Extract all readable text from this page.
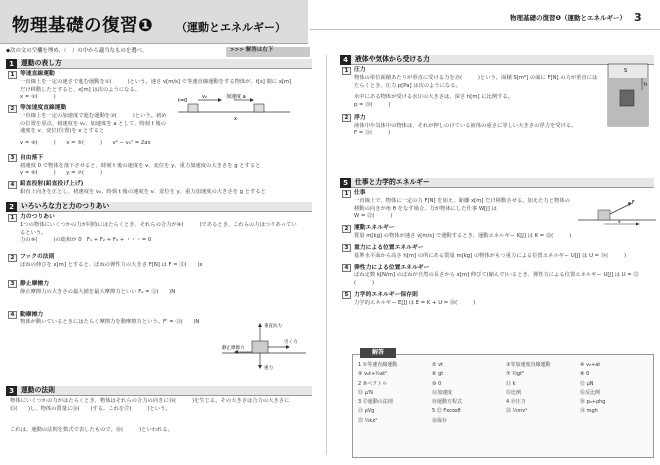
物理基礎の復習❶ （運動とエネルギー）
物理基礎の復習❶（運動とエネルギー） 3
◆次の文の空欄を埋め、（　）の中から適当なものを選べ。	>>> 解答は右下
1	運動の表し方
1 等速直線運動
一直線上を一定の速さで進む運動を①(　　　)という。速さ v[m/s] で等速直線運動をする物体が、t[s] 間に x[m] だけ移動したとすると、x[m] は次のようになる。
x = ②(　　　)
2 等加速度直線運動
一直線上を一定の加速度で進む運動を③(　　　)という。初めの位置を原点、初速度を v₀、加速度を a として、時刻 t 後の速度を v、変位(位置)を x とすると
v = ④(　　　)　　x = ⑤(　　　)　　v² − v₀² = 2ax
3 自由落下
初速度 0 で物体を落下させると、時刻 t 後の速度を v、変位を y、重力加速度の大きさを g とすると
v = ⑥(　　　)　　y = ⑦(　　　)
4 鉛直投射(鉛直投げ上げ)
鉛直上向きを正とし、初速度を v₀、時刻 t 後の速度を v、変位を y、重力加速度の大きさを g とすると
t=0
v₀	加速度 a
x
2	いろいろな力と力のつりあい
1 力のつりあい
1つの物体にいくつかの力が同時にはたらくとき、それらの合力が⑧(　　　)であるとき、これらの力はつりあっているという。
力の⑨(　　　)の総和が 0　F₁ + F₂ + F₃ + ・・・= 0
2 フックの法則
ばねの伸びを x[m] とすると、ばねの弾性力の大きさ F[N] は F = ⑪(　　)x
3 静止摩擦力
静止摩擦力の大きさの最大値を最大摩擦力といい F₀ = ⑫(　　)N
4 動摩擦力
物体が動いているときにはたらく摩擦力を動摩擦力という。F' = ⑬(　　)N
垂直抗力
静止摩擦力
引く力
重力
3	運動の法則
物体にいくつかの力がはたらくとき、物体はそれらの合力の向きに⑭(　　　)を生じる。その大きさは合力の大きさに⑮(　　)し、物体の質量に⑯(　　)する。これを⑰(　　　)という。
これは、運動の法則を数式で表したもので、⑱(　　　)といわれる。
4	液体や気体から受ける力
1 圧力
物体の単位面積あたりが垂直に受ける力を⑲(　　　)という。面積 S[m²] の面に F[N] の力が垂直にはたらくとき、圧力 p[Pa] は次のようになる。
水中にある物体が受ける水圧の大きさは、深さ h[m] に比例する。
p = ⑳(　　　)
2 浮力
液体中や気体中の物体は、それが押しのけている液体の重さに等しい大きさの浮力を受ける。
F = ㉑(　　　)
S
h
5	仕事と力学的エネルギー
1 仕事
一直線上で、物体に一定の力 F[N] を加え、距離 x[m] だけ移動させる。加えた力と物体の移動の向きが角 θ をなす場合、力が物体にした仕事 W[J] は
W = ㉒(　　　)
2 運動エネルギー
質量 m[kg] の物体が速さ v[m/s] で運動するとき、運動エネルギー K[J] は K = ㉓(　　　)
3 重力による位置エネルギー
基準水平面から高さ h[m] の所にある質量 m[kg] の物体がもつ重力による位置エネルギー U[J] は U = ㉔(　　　)
4 弾性力による位置エネルギー
ばね定数 k[N/m] のばねが自然の長さから x[m] 伸びて(縮んで)いるとき、弾性力による位置エネルギー U[J] は U = ㉕(　　　)
5 力学的エネルギー保存則
力学的エネルギー E[J] は E = K + U = ㉖(　　　)
F
x
解答
1 ①等速直線運動	② vt	③等加速度直線運動	④ v₀+at
⑤ v₀t+½at²	⑥ gt	⑦ ½gt²	⑧ 0
2 ⑨ベクトル	⑩ 0	⑪ k	⑫ μN
⑬ μ'N	⑭加速度	⑮比例	⑯反比例
3 ⑰運動の法則	⑱運動方程式	4 ⑲圧力	⑳ p₀+ρhg
㉑ ρVg	5 ㉒ Fxcosθ	㉓ ½mv²	㉔ mgh
㉕ ½kx²	㉖保存
